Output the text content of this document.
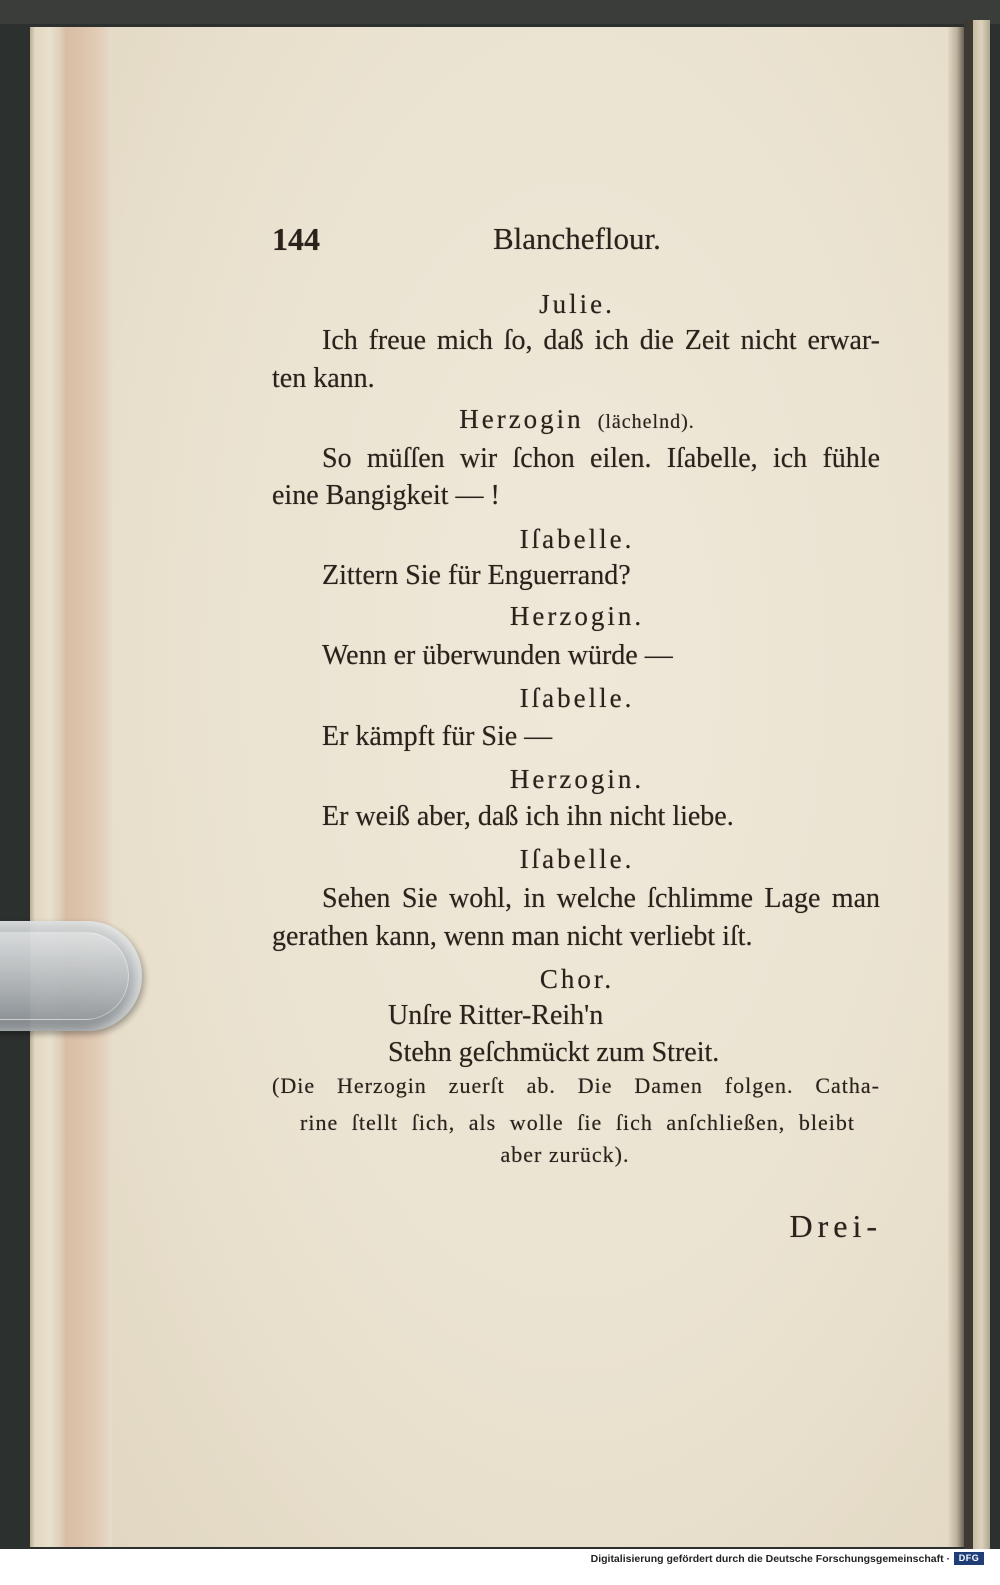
144	Blancheflour.
Julie.
Ich freue mich ſo, daß ich die Zeit nicht erwar-
ten kann.
Herzogin (lächelnd).
So müſſen wir ſchon eilen. Iſabelle, ich fühle
eine Bangigkeit — !
Iſabelle.
Zittern Sie für Enguerrand?
Herzogin.
Wenn er überwunden würde —
Iſabelle.
Er kämpft für Sie —
Herzogin.
Er weiß aber, daß ich ihn nicht liebe.
Iſabelle.
Sehen Sie wohl, in welche ſchlimme Lage man
gerathen kann, wenn man nicht verliebt iſt.
Chor.
Unſre Ritter-Reih'n
Stehn geſchmückt zum Streit.
(Die Herzogin zuerſt ab. Die Damen folgen. Catha-
rine ſtellt ſich, als wolle ſie ſich anſchließen, bleibt
aber zurück).
Drei-
Digitalisierung gefördert durch die Deutsche Forschungsgemeinschaft · DFG
